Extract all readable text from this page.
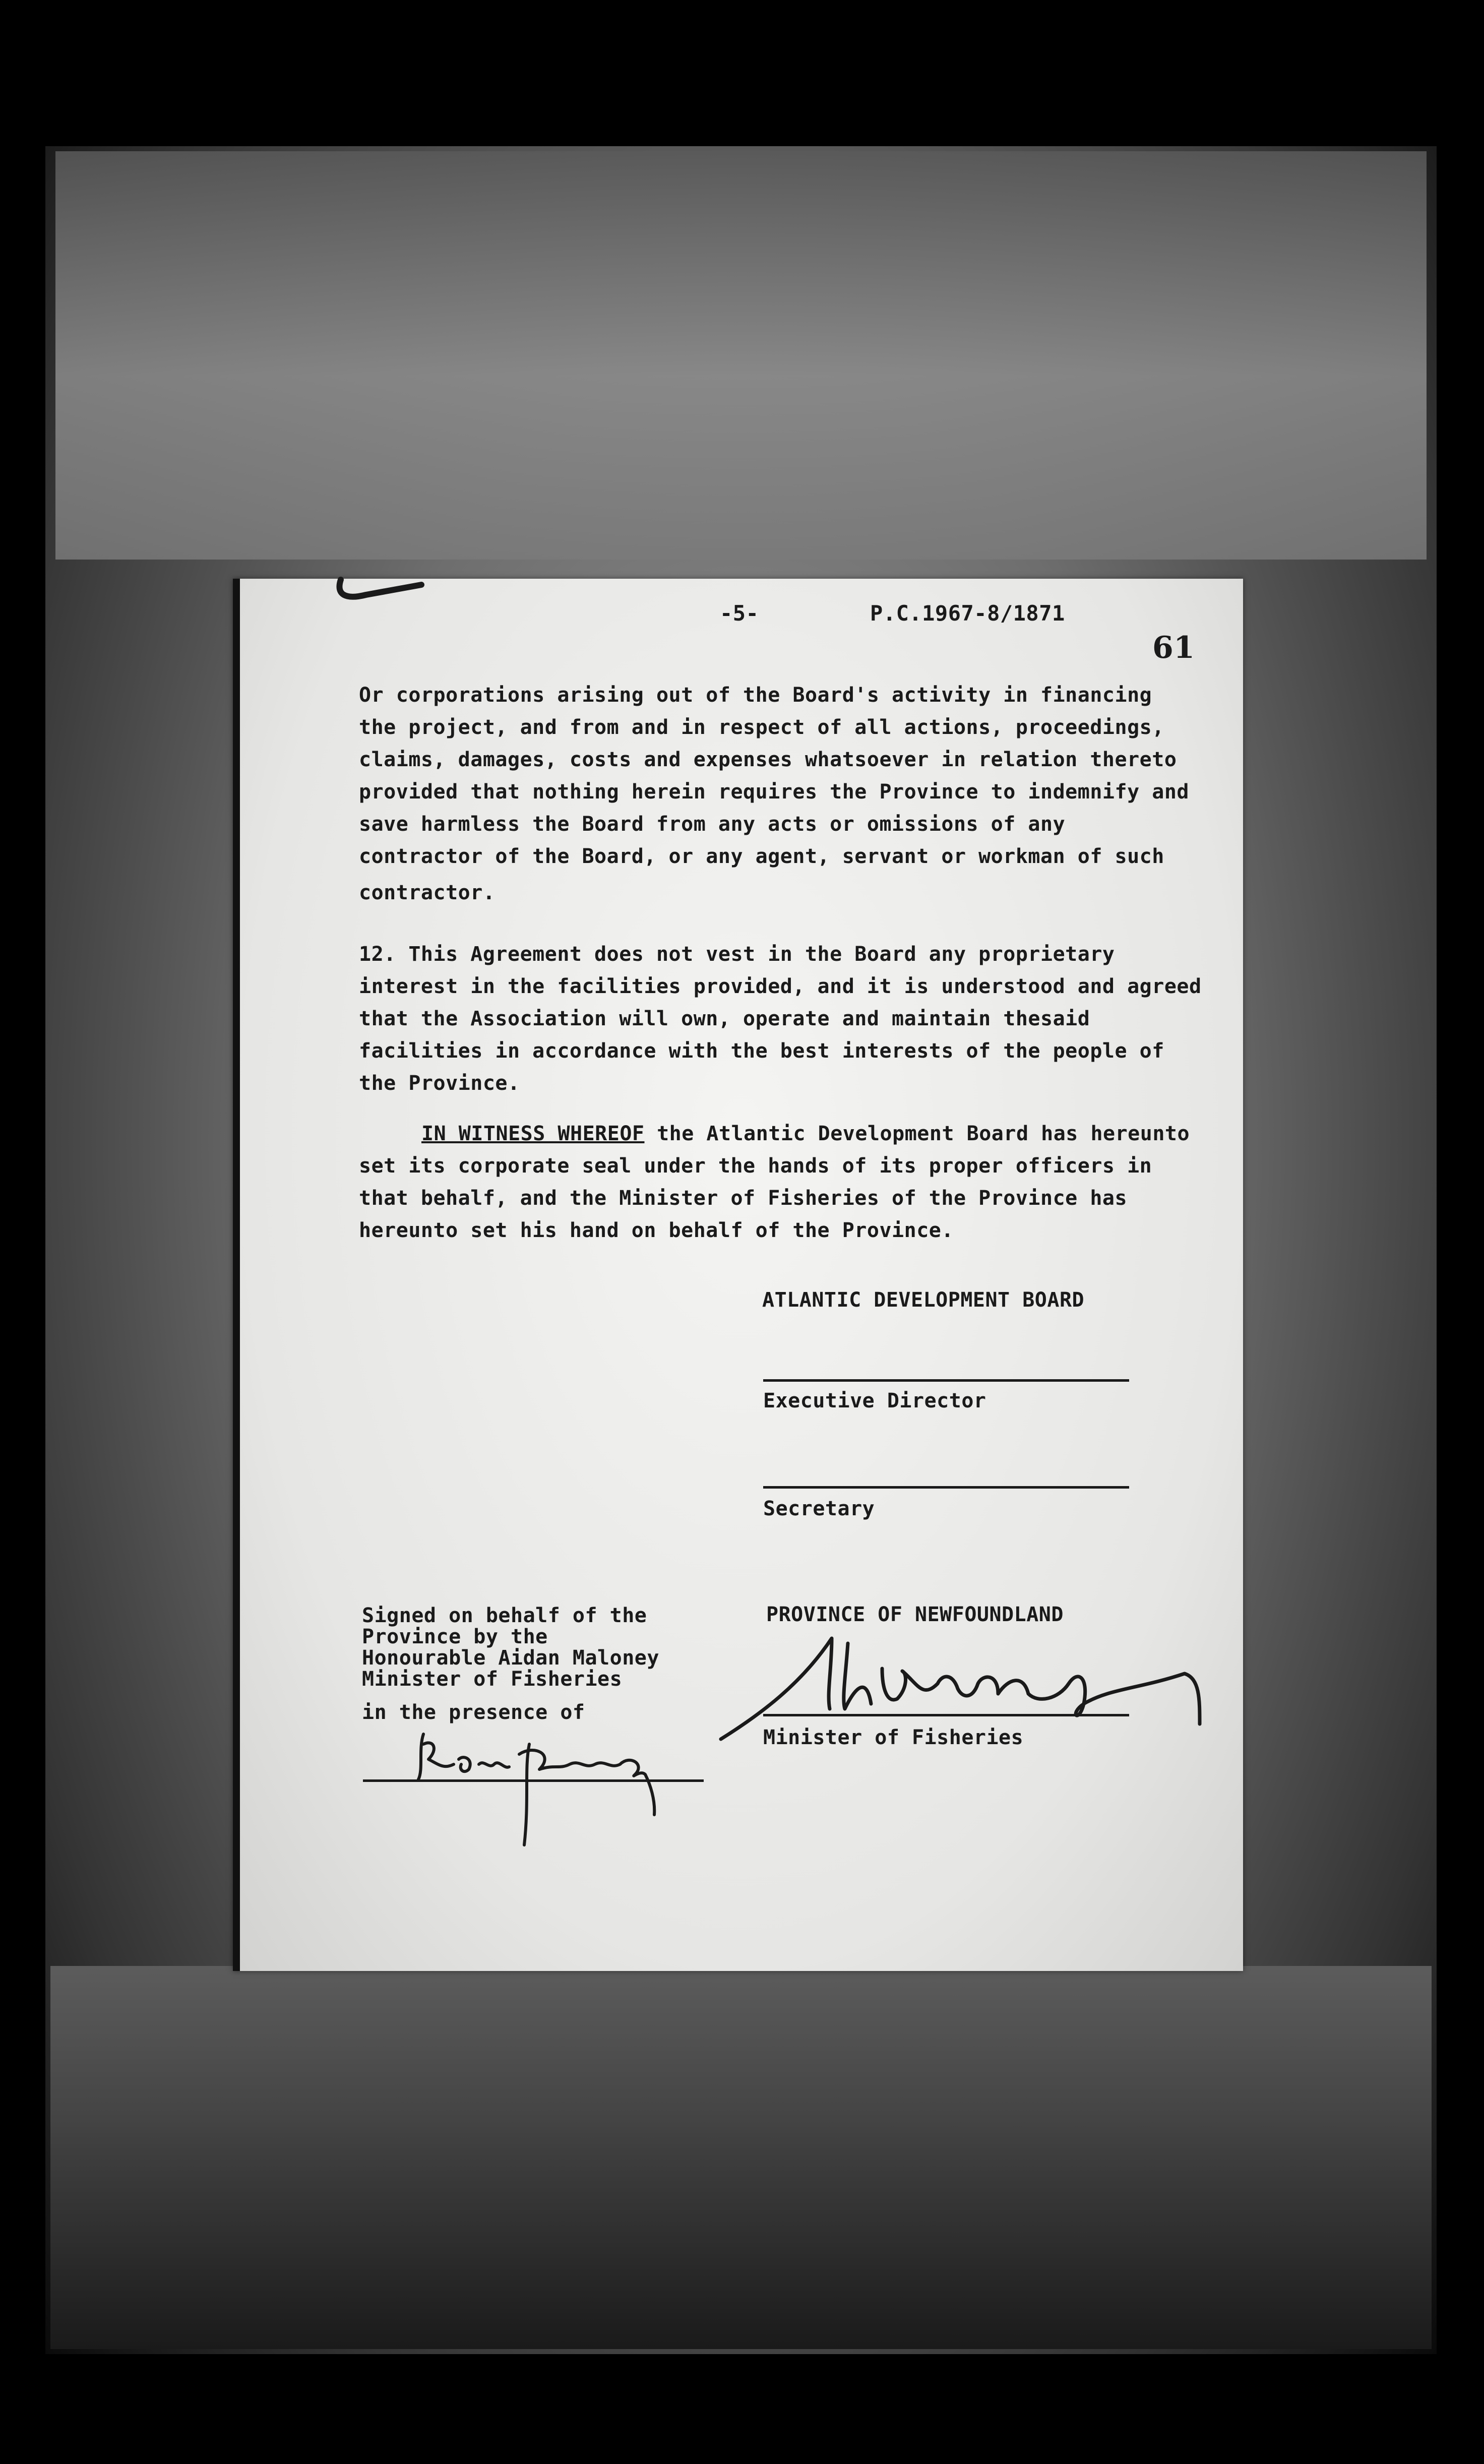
-5-	P.C.1967-8/1871
61
Or corporations arising out of the Board's activity in financing
the project, and from and in respect of all actions, proceedings,
claims, damages, costs and expenses whatsoever in relation thereto
provided that nothing herein requires the Province to indemnify and
save harmless the Board from any acts or omissions of any
contractor of the Board, or any agent, servant or workman of such
contractor.
12. This Agreement does not vest in the Board any proprietary
interest in the facilities provided, and it is understood and agreed
that the Association will own, operate and maintain thesaid
facilities in accordance with the best interests of the people of
the Province.
IN WITNESS WHEREOF the Atlantic Development Board has hereunto
set its corporate seal under the hands of its proper officers in
that behalf, and the Minister of Fisheries of the Province has
hereunto set his hand on behalf of the Province.
ATLANTIC DEVELOPMENT BOARD
Executive Director
Secretary
Signed on behalf of the
Province by the
Honourable Aidan Maloney
Minister of Fisheries
in the presence of
PROVINCE OF NEWFOUNDLAND
Minister of Fisheries
